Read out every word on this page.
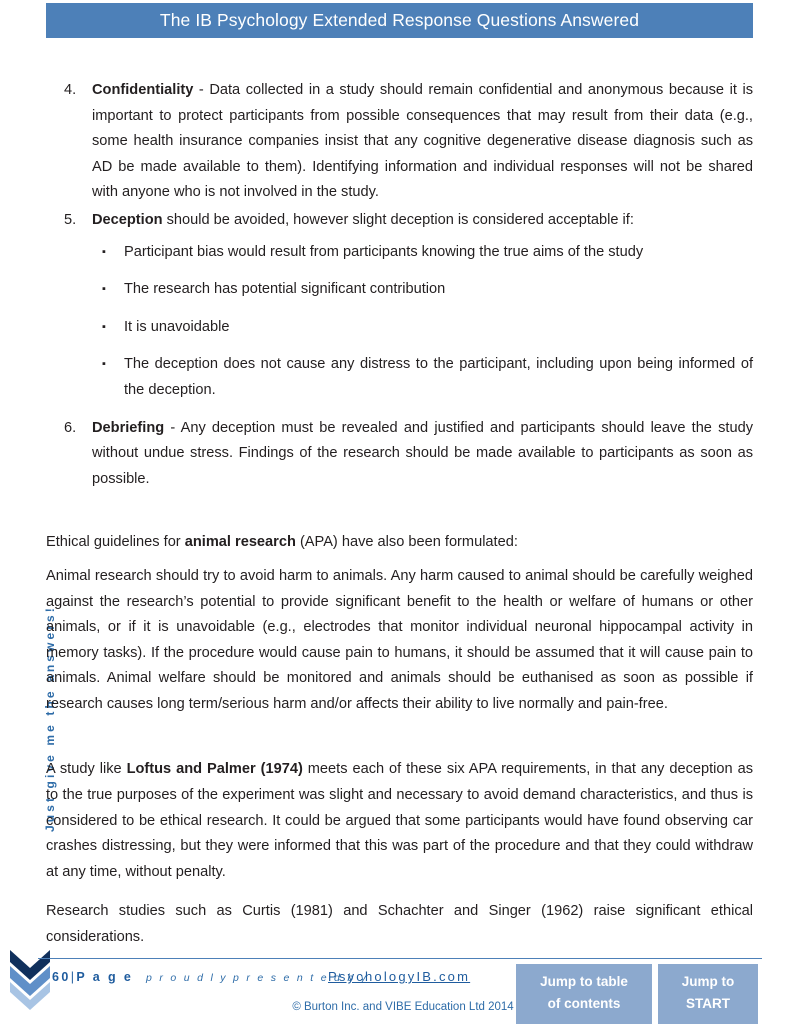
The IB Psychology Extended Response Questions Answered
Just give me the answers!
4.	Confidentiality - Data collected in a study should remain confidential and anonymous because it is important to protect participants from possible consequences that may result from their data (e.g., some health insurance companies insist that any cognitive degenerative disease diagnosis such as AD be made available to them). Identifying information and individual responses will not be shared with anyone who is not involved in the study.
5.	Deception should be avoided, however slight deception is considered acceptable if:
▪ Participant bias would result from participants knowing the true aims of the study
▪ The research has potential significant contribution
▪ It is unavoidable
▪ The deception does not cause any distress to the participant, including upon being informed of the deception.
6.	Debriefing - Any deception must be revealed and justified and participants should leave the study without undue stress. Findings of the research should be made available to participants as soon as possible.

Ethical guidelines for animal research (APA) have also been formulated:

Animal research should try to avoid harm to animals. Any harm caused to animal should be carefully weighed against the research’s potential to provide significant benefit to the health or welfare of humans or other animals, or if it is unavoidable (e.g., electrodes that monitor individual neuronal hippocampal activity in memory tasks). If the procedure would cause pain to humans, it should be assumed that it will cause pain to animals. Animal welfare should be monitored and animals should be euthanised as soon as possible if research causes long term/serious harm and/or affects their ability to live normally and pain-free.

A study like Loftus and Palmer (1974) meets each of these six APA requirements, in that any deception as to the true purposes of the experiment was slight and necessary to avoid demand characteristics, and thus is considered to be ethical research. It could be argued that some participants would have found observing car crashes distressing, but they were informed that this was part of the procedure and that they could withdraw at any time, without penalty.

Research studies such as Curtis (1981) and Schachter and Singer (1962) raise significant ethical considerations.

60|P a g e p r o u d l y p r e s e n t e d b y
PsychologyIB.com
© Burton Inc. and VIBE Education Ltd 2014
Jump to table
of contents
Jump to
START
